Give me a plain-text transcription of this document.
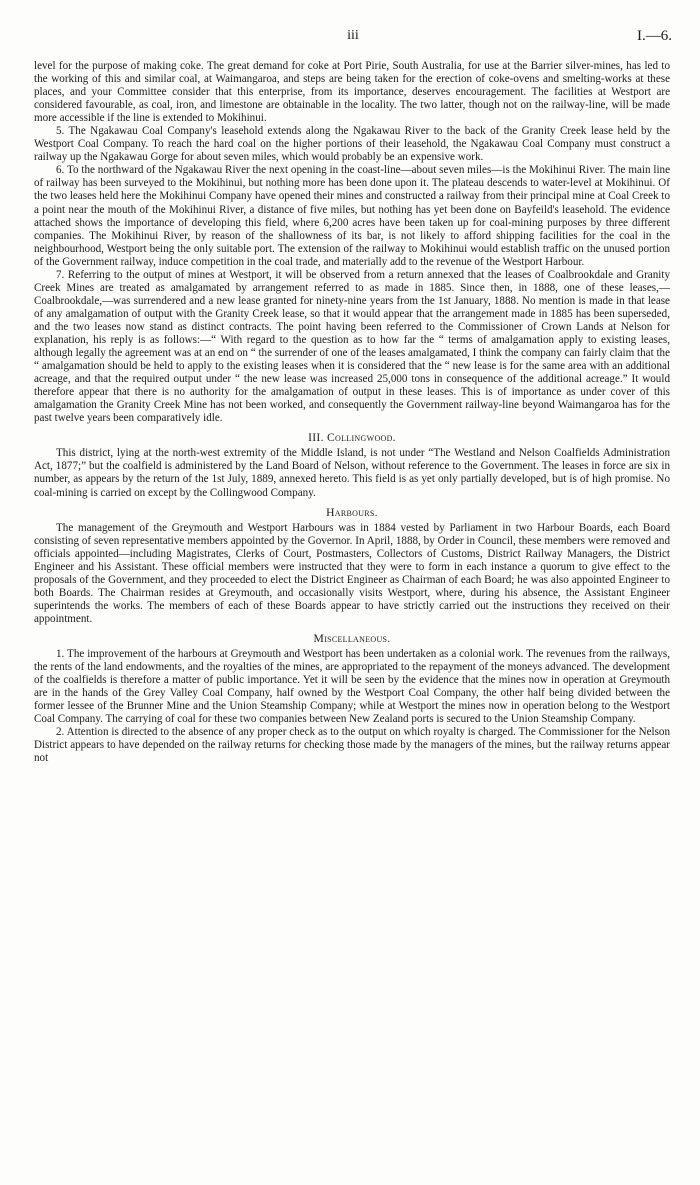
iii	I.—6.

level for the purpose of making coke. The great demand for coke at Port Pirie, South Australia, for use at the Barrier silver-mines, has led to the working of this and similar coal, at Waimangaroa, and steps are being taken for the erection of coke-ovens and smelting-works at these places, and your Committee consider that this enterprise, from its importance, deserves encouragement. The facilities at Westport are considered favourable, as coal, iron, and limestone are obtainable in the locality. The two latter, though not on the railway-line, will be made more accessible if the line is extended to Mokihinui.

5. The Ngakawau Coal Company's leasehold extends along the Ngakawau River to the back of the Granity Creek lease held by the Westport Coal Company. To reach the hard coal on the higher portions of their leasehold, the Ngakawau Coal Company must construct a railway up the Ngakawau Gorge for about seven miles, which would probably be an expensive work.

6. To the northward of the Ngakawau River the next opening in the coast-line—about seven miles—is the Mokihinui River. The main line of railway has been surveyed to the Mokihinui, but nothing more has been done upon it. The plateau descends to water-level at Mokihinui. Of the two leases held here the Mokihinui Company have opened their mines and constructed a railway from their principal mine at Coal Creek to a point near the mouth of the Mokihinui River, a distance of five miles, but nothing has yet been done on Bayfeild's leasehold. The evidence attached shows the importance of developing this field, where 6,200 acres have been taken up for coal-mining purposes by three different companies. The Mokihinui River, by reason of the shallowness of its bar, is not likely to afford shipping facilities for the coal in the neighbourhood, Westport being the only suitable port. The extension of the railway to Mokihinui would establish traffic on the unused portion of the Government railway, induce competition in the coal trade, and materially add to the revenue of the Westport Harbour.

7. Referring to the output of mines at Westport, it will be observed from a return annexed that the leases of Coalbrookdale and Granity Creek Mines are treated as amalgamated by arrangement referred to as made in 1885. Since then, in 1888, one of these leases,—Coalbrookdale,—was surrendered and a new lease granted for ninety-nine years from the 1st January, 1888. No mention is made in that lease of any amalgamation of output with the Granity Creek lease, so that it would appear that the arrangement made in 1885 has been superseded, and the two leases now stand as distinct contracts. The point having been referred to the Commissioner of Crown Lands at Nelson for explanation, his reply is as follows:—“ With regard to the question as to how far the “ terms of amalgamation apply to existing leases, although legally the agreement was at an end on “ the surrender of one of the leases amalgamated, I think the company can fairly claim that the “ amalgamation should be held to apply to the existing leases when it is considered that the “ new lease is for the same area with an additional acreage, and that the required output under “ the new lease was increased 25,000 tons in consequence of the additional acreage.” It would therefore appear that there is no authority for the amalgamation of output in these leases. This is of importance as under cover of this amalgamation the Granity Creek Mine has not been worked, and consequently the Government railway-line beyond Waimangaroa has for the past twelve years been comparatively idle.

III. Collingwood.

This district, lying at the north-west extremity of the Middle Island, is not under “The Westland and Nelson Coalfields Administration Act, 1877;” but the coalfield is administered by the Land Board of Nelson, without reference to the Government. The leases in force are six in number, as appears by the return of the 1st July, 1889, annexed hereto. This field is as yet only partially developed, but is of high promise. No coal-mining is carried on except by the Collingwood Company.

Harbours.

The management of the Greymouth and Westport Harbours was in 1884 vested by Parliament in two Harbour Boards, each Board consisting of seven representative members appointed by the Governor. In April, 1888, by Order in Council, these members were removed and officials appointed—including Magistrates, Clerks of Court, Postmasters, Collectors of Customs, District Railway Managers, the District Engineer and his Assistant. These official members were instructed that they were to form in each instance a quorum to give effect to the proposals of the Government, and they proceeded to elect the District Engineer as Chairman of each Board; he was also appointed Engineer to both Boards. The Chairman resides at Greymouth, and occasionally visits Westport, where, during his absence, the Assistant Engineer superintends the works. The members of each of these Boards appear to have strictly carried out the instructions they received on their appointment.

Miscellaneous.

1. The improvement of the harbours at Greymouth and Westport has been undertaken as a colonial work. The revenues from the railways, the rents of the land endowments, and the royalties of the mines, are appropriated to the repayment of the moneys advanced. The development of the coalfields is therefore a matter of public importance. Yet it will be seen by the evidence that the mines now in operation at Greymouth are in the hands of the Grey Valley Coal Company, half owned by the Westport Coal Company, the other half being divided between the former lessee of the Brunner Mine and the Union Steamship Company; while at Westport the mines now in operation belong to the Westport Coal Company. The carrying of coal for these two companies between New Zealand ports is secured to the Union Steamship Company.

2. Attention is directed to the absence of any proper check as to the output on which royalty is charged. The Commissioner for the Nelson District appears to have depended on the railway returns for checking those made by the managers of the mines, but the railway returns appear not
